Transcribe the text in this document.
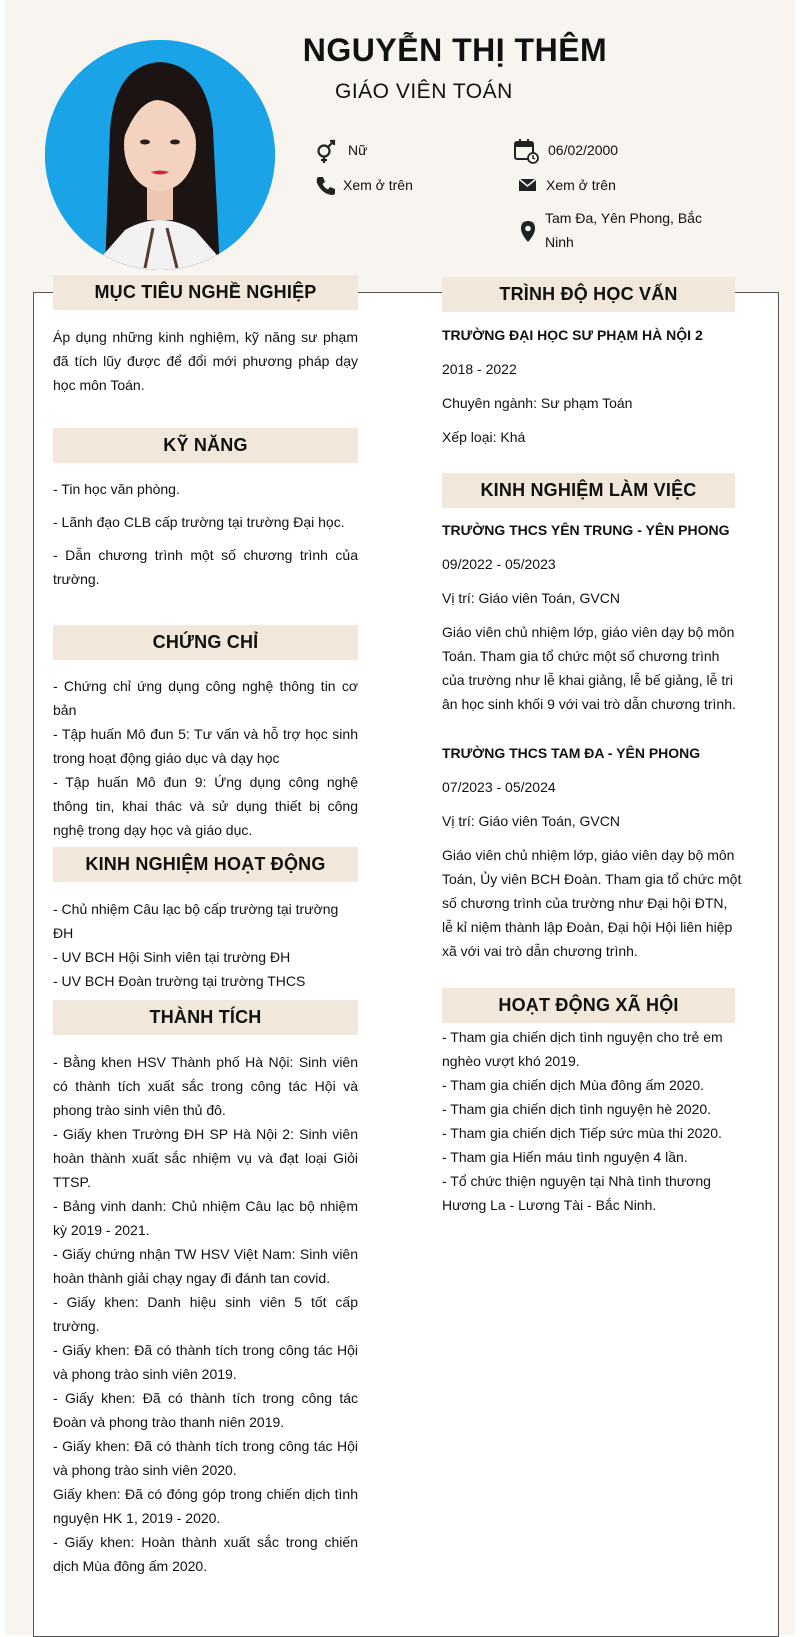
NGUYỄN THỊ THÊM
GIÁO VIÊN TOÁN
Nữ	06/02/2000
Xem ở trên	Xem ở trên
Tam Đa, Yên Phong, Bắc Ninh
MỤC TIÊU NGHỀ NGHIỆP
Áp dụng những kinh nghiệm, kỹ năng sư phạm đã tích lũy được để đổi mới phương pháp dạy học môn Toán.
KỸ NĂNG

- Tin học văn phòng.

- Lãnh đạo CLB cấp trường tại trường Đại học.

- Dẫn chương trình một số chương trình của trường.

CHỨNG CHỈ

- Chứng chỉ ứng dụng công nghệ thông tin cơ bản

- Tập huấn Mô đun 5: Tư vấn và hỗ trợ học sinh trong hoạt động giáo dục và dạy học

- Tập huấn Mô đun 9: Ứng dụng công nghệ thông tin, khai thác và sử dụng thiết bị công nghệ trong dạy học và giáo dục.

KINH NGHIỆM HOẠT ĐỘNG

- Chủ nhiệm Câu lạc bộ cấp trường tại trường ĐH

- UV BCH Hội Sinh viên tại trường ĐH

- UV BCH Đoàn trường tại trường THCS

THÀNH TÍCH

- Bằng khen HSV Thành phố Hà Nội: Sinh viên có thành tích xuất sắc trong công tác Hội và phong trào sinh viên thủ đô.

- Giấy khen Trường ĐH SP Hà Nội 2: Sinh viên hoàn thành xuất sắc nhiệm vụ và đạt loại Giỏi TTSP.

- Bảng vinh danh: Chủ nhiệm Câu lạc bộ nhiệm kỳ 2019 - 2021.

- Giấy chứng nhận TW HSV Việt Nam: Sinh viên hoàn thành giải chạy ngay đi đánh tan covid.

- Giấy khen: Danh hiệu sinh viên 5 tốt cấp trường.

- Giấy khen: Đã có thành tích trong công tác Hội và phong trào sinh viên 2019.

- Giấy khen: Đã có thành tích trong công tác Đoàn và phong trào thanh niên 2019.

- Giấy khen: Đã có thành tích trong công tác Hội và phong trào sinh viên 2020.

Giấy khen: Đã có đóng góp trong chiến dịch tình nguyện HK 1, 2019 - 2020.

- Giấy khen: Hoàn thành xuất sắc trong chiến dịch Mùa đông ấm 2020.

TRÌNH ĐỘ HỌC VẤN

TRƯỜNG ĐẠI HỌC SƯ PHẠM HÀ NỘI 2

2018 - 2022

Chuyên ngành: Sư phạm Toán

Xếp loại: Khá

KINH NGHIỆM LÀM VIỆC

TRƯỜNG THCS YÊN TRUNG - YÊN PHONG

09/2022 - 05/2023

Vị trí: Giáo viên Toán, GVCN

Giáo viên chủ nhiệm lớp, giáo viên dạy bộ môn Toán. Tham gia tổ chức một số chương trình của trường như lễ khai giảng, lễ bế giảng, lễ tri ân học sinh khối 9 với vai trò dẫn chương trình.

TRƯỜNG THCS TAM ĐA - YÊN PHONG

07/2023 - 05/2024

Vị trí: Giáo viên Toán, GVCN

Giáo viên chủ nhiệm lớp, giáo viên dạy bộ môn Toán, Ủy viên BCH Đoàn. Tham gia tổ chức một số chương trình của trường như Đại hội ĐTN, lễ kỉ niệm thành lập Đoàn, Đại hội Hội liên hiệp xã với vai trò dẫn chương trình.

HOẠT ĐỘNG XÃ HỘI

- Tham gia chiến dịch tình nguyện cho trẻ em nghèo vượt khó 2019.

- Tham gia chiến dịch Mùa đông ấm 2020.

- Tham gia chiến dịch tình nguyện hè 2020.

- Tham gia chiến dịch Tiếp sức mùa thi 2020.

- Tham gia Hiến máu tình nguyện 4 lần.

- Tổ chức thiện nguyện tại Nhà tình thương Hương La - Lương Tài - Bắc Ninh.
